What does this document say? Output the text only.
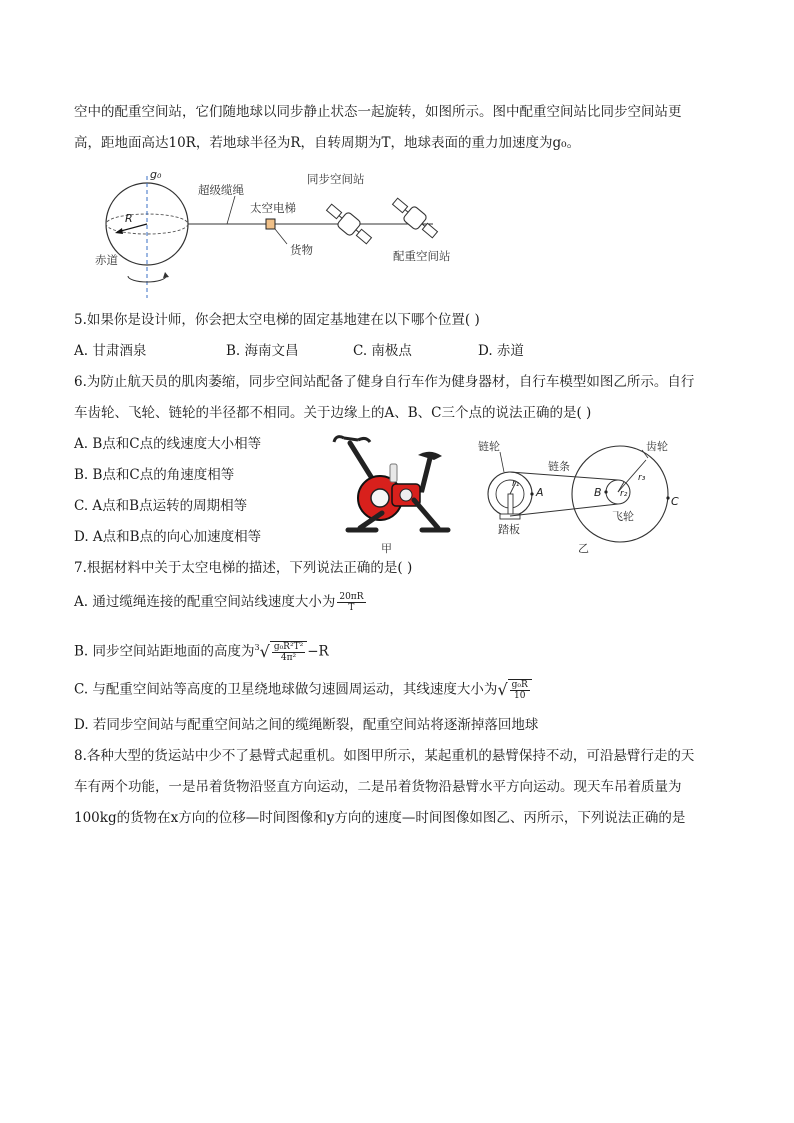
空中的配重空间站，它们随地球以同步静止状态一起旋转，如图所示。图中配重空间站比同步空间站更
高，距地面高达10R，若地球半径为R，自转周期为T，地球表面的重力加速度为g₀。
g₀
超级缆绳
太空电梯
同步空间站
R
赤道
货物	配重空间站
5.如果你是设计师，你会把太空电梯的固定基地建在以下哪个位置( )
A. 甘肃酒泉	B. 海南文昌	C. 南极点	D. 赤道
6.为防止航天员的肌肉萎缩，同步空间站配备了健身自行车作为健身器材，自行车模型如图乙所示。自行
车齿轮、飞轮、链轮的半径都不相同。关于边缘上的A、B、C三个点的说法正确的是( )
A. B点和C点的线速度大小相等
B. B点和C点的角速度相等
C. A点和B点运转的周期相等
D. A点和B点的向心加速度相等
甲
链轮
链条
齿轮
r₁
A	B r₂
r₃
C
飞轮
踏板
乙
7.根据材料中关于太空电梯的描述，下列说法正确的是( )
A. 通过缆绳连接的配重空间站线速度大小为 $\frac{20\pi R}{T}$
B. 同步空间站距地面的高度为$^3√ \frac{\text{g₀R²T²}}{\text{4π²}} -R$
C. 与配重空间站等高度的卫星绕地球做匀速圆周运动，其线速度大小为√ $\frac{\text{g₀R}}{10}$
D. 若同步空间站与配重空间站之间的缆绳断裂，配重空间站将逐渐掉落回地球
8.各种大型的货运站中少不了悬臂式起重机。如图甲所示，某起重机的悬臂保持不动，可沿悬臂行走的天
车有两个功能，一是吊着货物沿竖直方向运动，二是吊着货物沿悬臂水平方向运动。现天车吊着质量为
100kg的货物在x方向的位移—时间图像和y方向的速度—时间图像如图乙、丙所示，下列说法正确的是
